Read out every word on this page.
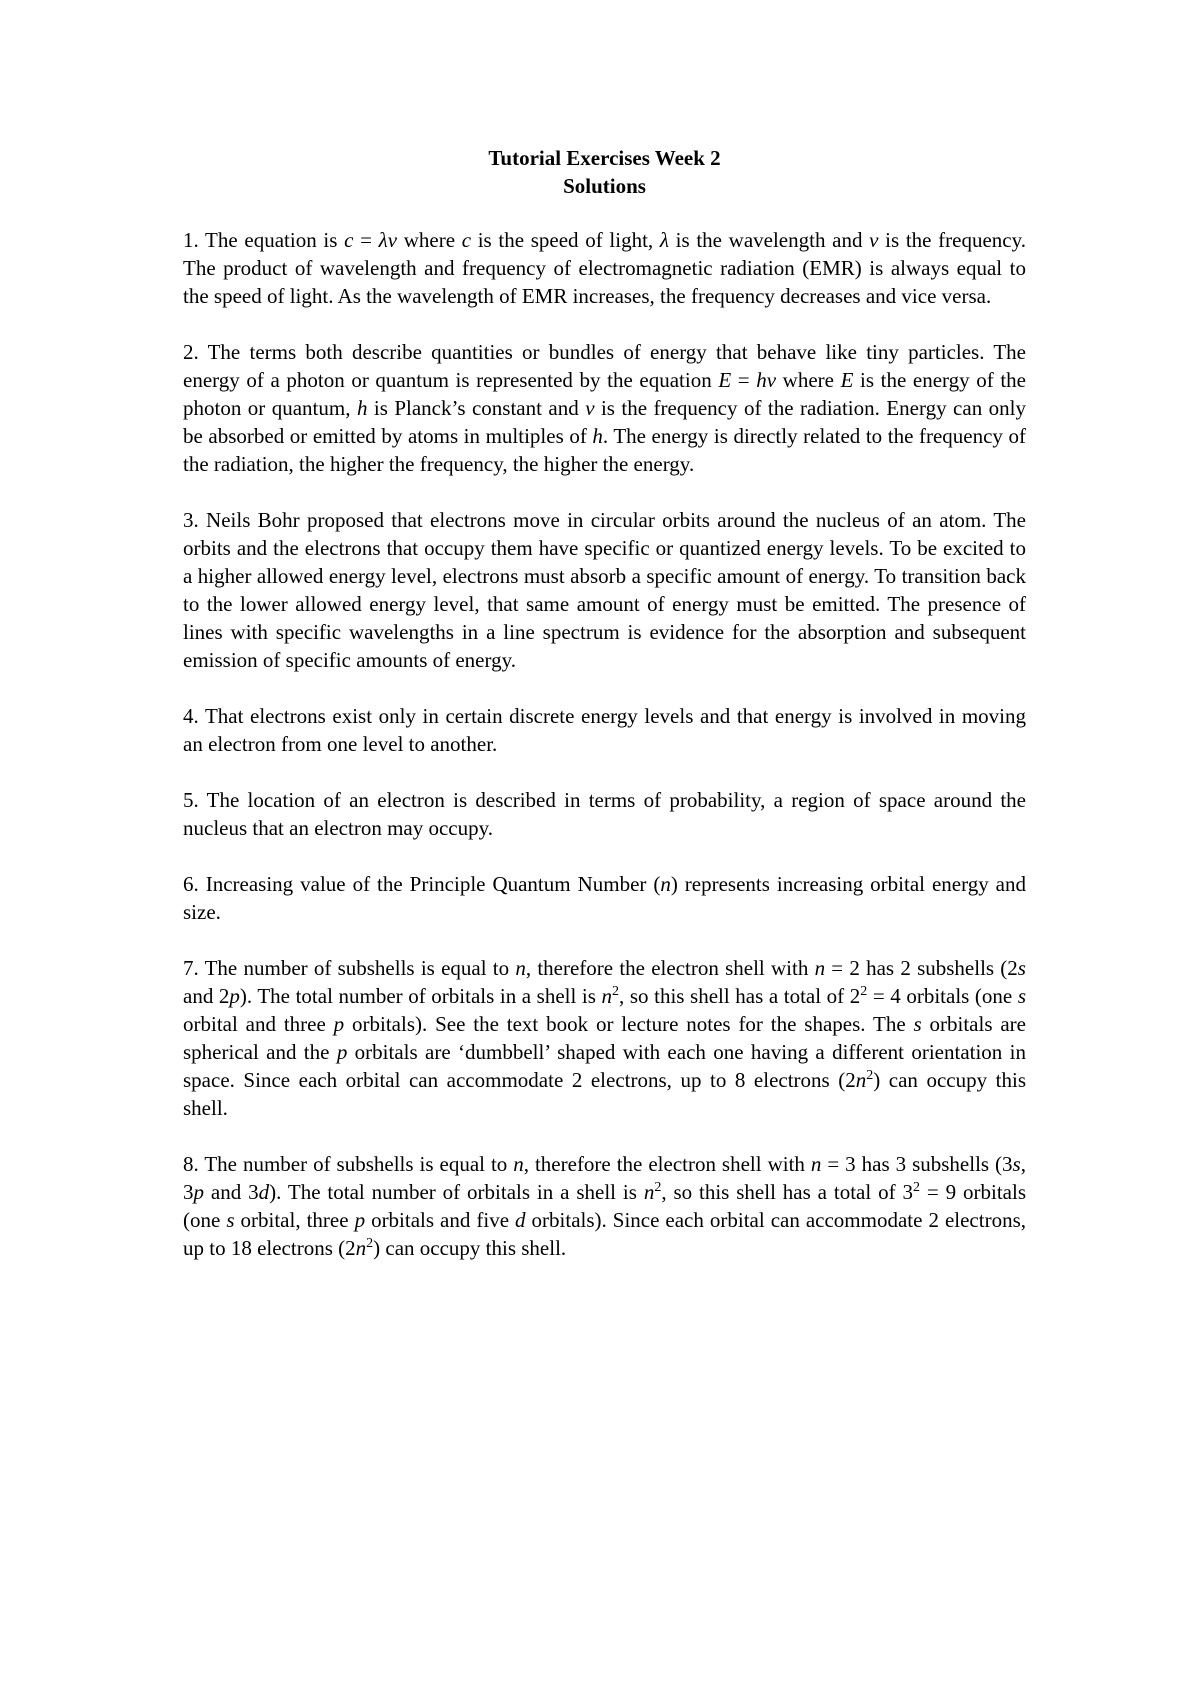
Tutorial Exercises Week 2
Solutions

1. The equation is c = λν where c is the speed of light, λ is the wavelength and ν is the frequency. The product of wavelength and frequency of electromagnetic radiation (EMR) is always equal to the speed of light. As the wavelength of EMR increases, the frequency decreases and vice versa.

2. The terms both describe quantities or bundles of energy that behave like tiny particles. The energy of a photon or quantum is represented by the equation E = hν where E is the energy of the photon or quantum, h is Planck’s constant and ν is the frequency of the radiation. Energy can only be absorbed or emitted by atoms in multiples of h. The energy is directly related to the frequency of the radiation, the higher the frequency, the higher the energy.

3. Neils Bohr proposed that electrons move in circular orbits around the nucleus of an atom. The orbits and the electrons that occupy them have specific or quantized energy levels. To be excited to a higher allowed energy level, electrons must absorb a specific amount of energy. To transition back to the lower allowed energy level, that same amount of energy must be emitted. The presence of lines with specific wavelengths in a line spectrum is evidence for the absorption and subsequent emission of specific amounts of energy.

4. That electrons exist only in certain discrete energy levels and that energy is involved in moving an electron from one level to another.

5. The location of an electron is described in terms of probability, a region of space around the nucleus that an electron may occupy.

6. Increasing value of the Principle Quantum Number (n) represents increasing orbital energy and size.

7. The number of subshells is equal to n, therefore the electron shell with n = 2 has 2 subshells (2s and 2p). The total number of orbitals in a shell is $n^2$, so this shell has a total of $2^2 = 4$ orbitals (one s orbital and three p orbitals). See the text book or lecture notes for the shapes. The s orbitals are spherical and the p orbitals are ‘dumbbell’ shaped with each one having a different orientation in space. Since each orbital can accommodate 2 electrons, up to 8 electrons $(2n^2)$ can occupy this shell.

8. The number of subshells is equal to n, therefore the electron shell with n = 3 has 3 subshells (3s, 3p and 3d). The total number of orbitals in a shell is $n^2$, so this shell has a total of $3^2 = 9$ orbitals (one s orbital, three p orbitals and five d orbitals). Since each orbital can accommodate 2 electrons, up to 18 electrons $(2n^2)$ can occupy this shell.
